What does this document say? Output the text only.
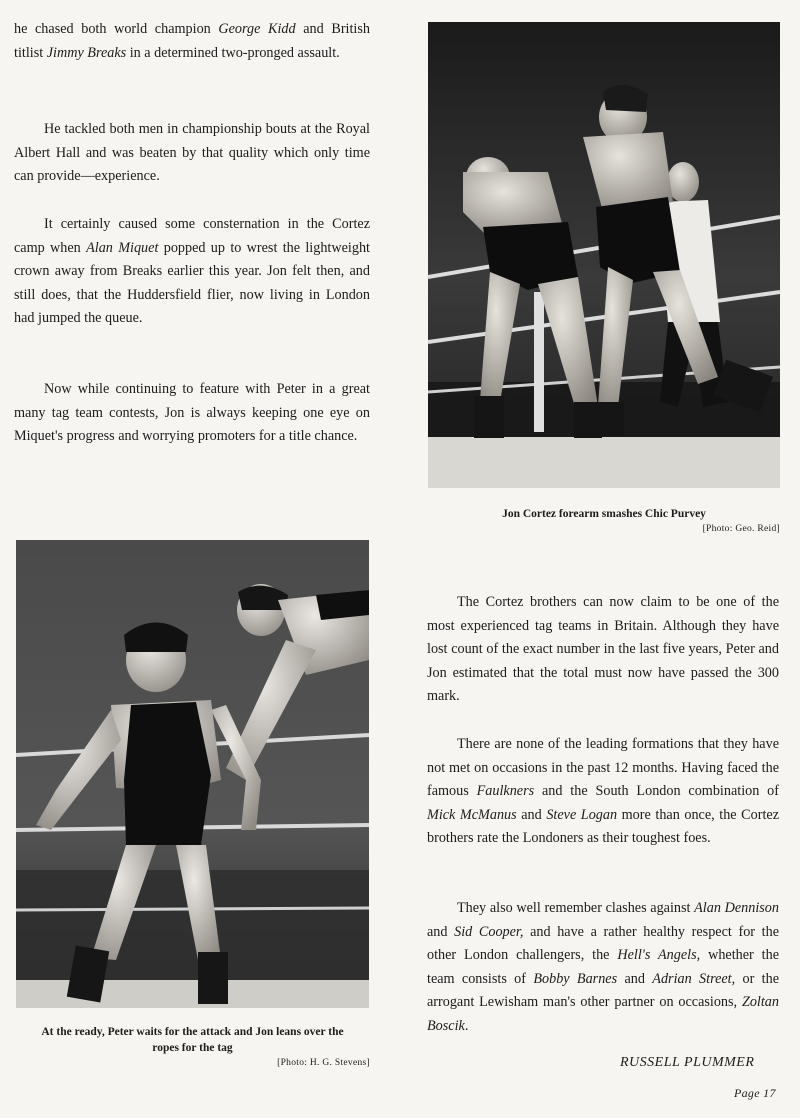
he chased both world champion George Kidd and British titlist Jimmy Breaks in a determined two-pronged assault.

He tackled both men in championship bouts at the Royal Albert Hall and was beaten by that quality which only time can provide—experience.

It certainly caused some consternation in the Cortez camp when Alan Miquet popped up to wrest the lightweight crown away from Breaks earlier this year. Jon felt then, and still does, that the Huddersfield flier, now living in London had jumped the queue.

Now while continuing to feature with Peter in a great many tag team contests, Jon is always keeping one eye on Miquet's progress and worrying promoters for a title chance.

Jon Cortez forearm smashes Chic Purvey

[Photo: Geo. Reid]

At the ready, Peter waits for the attack and Jon leans over the ropes for the tag

[Photo: H. G. Stevens]

The Cortez brothers can now claim to be one of the most experienced tag teams in Britain. Although they have lost count of the exact number in the last five years, Peter and Jon estimated that the total must now have passed the 300 mark.

There are none of the leading formations that they have not met on occasions in the past 12 months. Having faced the famous Faulkners and the South London combination of Mick McManus and Steve Logan more than once, the Cortez brothers rate the Londoners as their toughest foes.

They also well remember clashes against Alan Dennison and Sid Cooper, and have a rather healthy respect for the other London challengers, the Hell's Angels, whether the team consists of Bobby Barnes and Adrian Street, or the arrogant Lewisham man's other partner on occasions, Zoltan Boscik.

RUSSELL PLUMMER
Page 17
